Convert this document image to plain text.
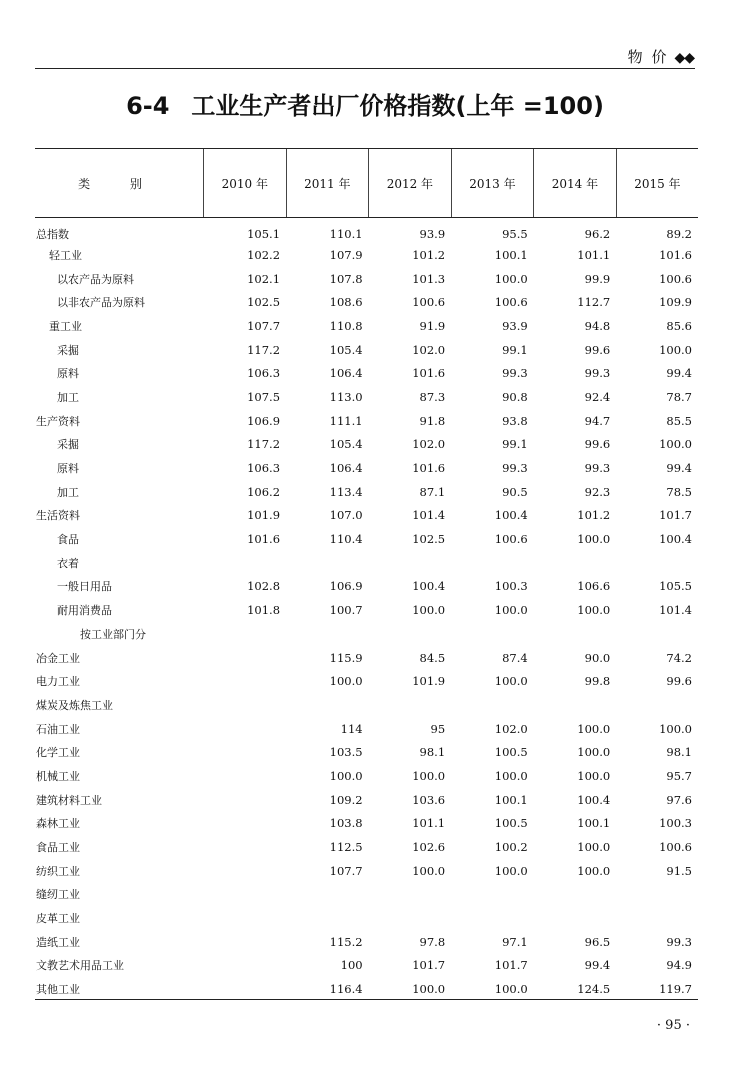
物 价 ◆◆
6-4 工业生产者出厂价格指数(上年 =100)
类 别	2010 年	2011 年	2012 年	2013 年	2014 年	2015 年
总指数	105.1	110.1	93.9	95.5	96.2	89.2
轻工业	102.2	107.9	101.2	100.1	101.1	101.6
以农产品为原料	102.1	107.8	101.3	100.0	99.9	100.6
以非农产品为原料	102.5	108.6	100.6	100.6	112.7	109.9
重工业	107.7	110.8	91.9	93.9	94.8	85.6
采掘	117.2	105.4	102.0	99.1	99.6	100.0
原料	106.3	106.4	101.6	99.3	99.3	99.4
加工	107.5	113.0	87.3	90.8	92.4	78.7
生产资料	106.9	111.1	91.8	93.8	94.7	85.5
采掘	117.2	105.4	102.0	99.1	99.6	100.0
原料	106.3	106.4	101.6	99.3	99.3	99.4
加工	106.2	113.4	87.1	90.5	92.3	78.5
生活资料	101.9	107.0	101.4	100.4	101.2	101.7
食品	101.6	110.4	102.5	100.6	100.0	100.4
衣着						
一般日用品	102.8	106.9	100.4	100.3	106.6	105.5
耐用消费品	101.8	100.7	100.0	100.0	100.0	101.4
按工业部门分						
冶金工业		115.9	84.5	87.4	90.0	74.2
电力工业		100.0	101.9	100.0	99.8	99.6
煤炭及炼焦工业						
石油工业		114	95	102.0	100.0	100.0
化学工业		103.5	98.1	100.5	100.0	98.1
机械工业		100.0	100.0	100.0	100.0	95.7
建筑材料工业		109.2	103.6	100.1	100.4	97.6
森林工业		103.8	101.1	100.5	100.1	100.3
食品工业		112.5	102.6	100.2	100.0	100.6
纺织工业		107.7	100.0	100.0	100.0	91.5
缝纫工业						
皮革工业						
造纸工业		115.2	97.8	97.1	96.5	99.3
文教艺术用品工业		100	101.7	101.7	99.4	94.9
其他工业		116.4	100.0	100.0	124.5	119.7
· 95 ·
